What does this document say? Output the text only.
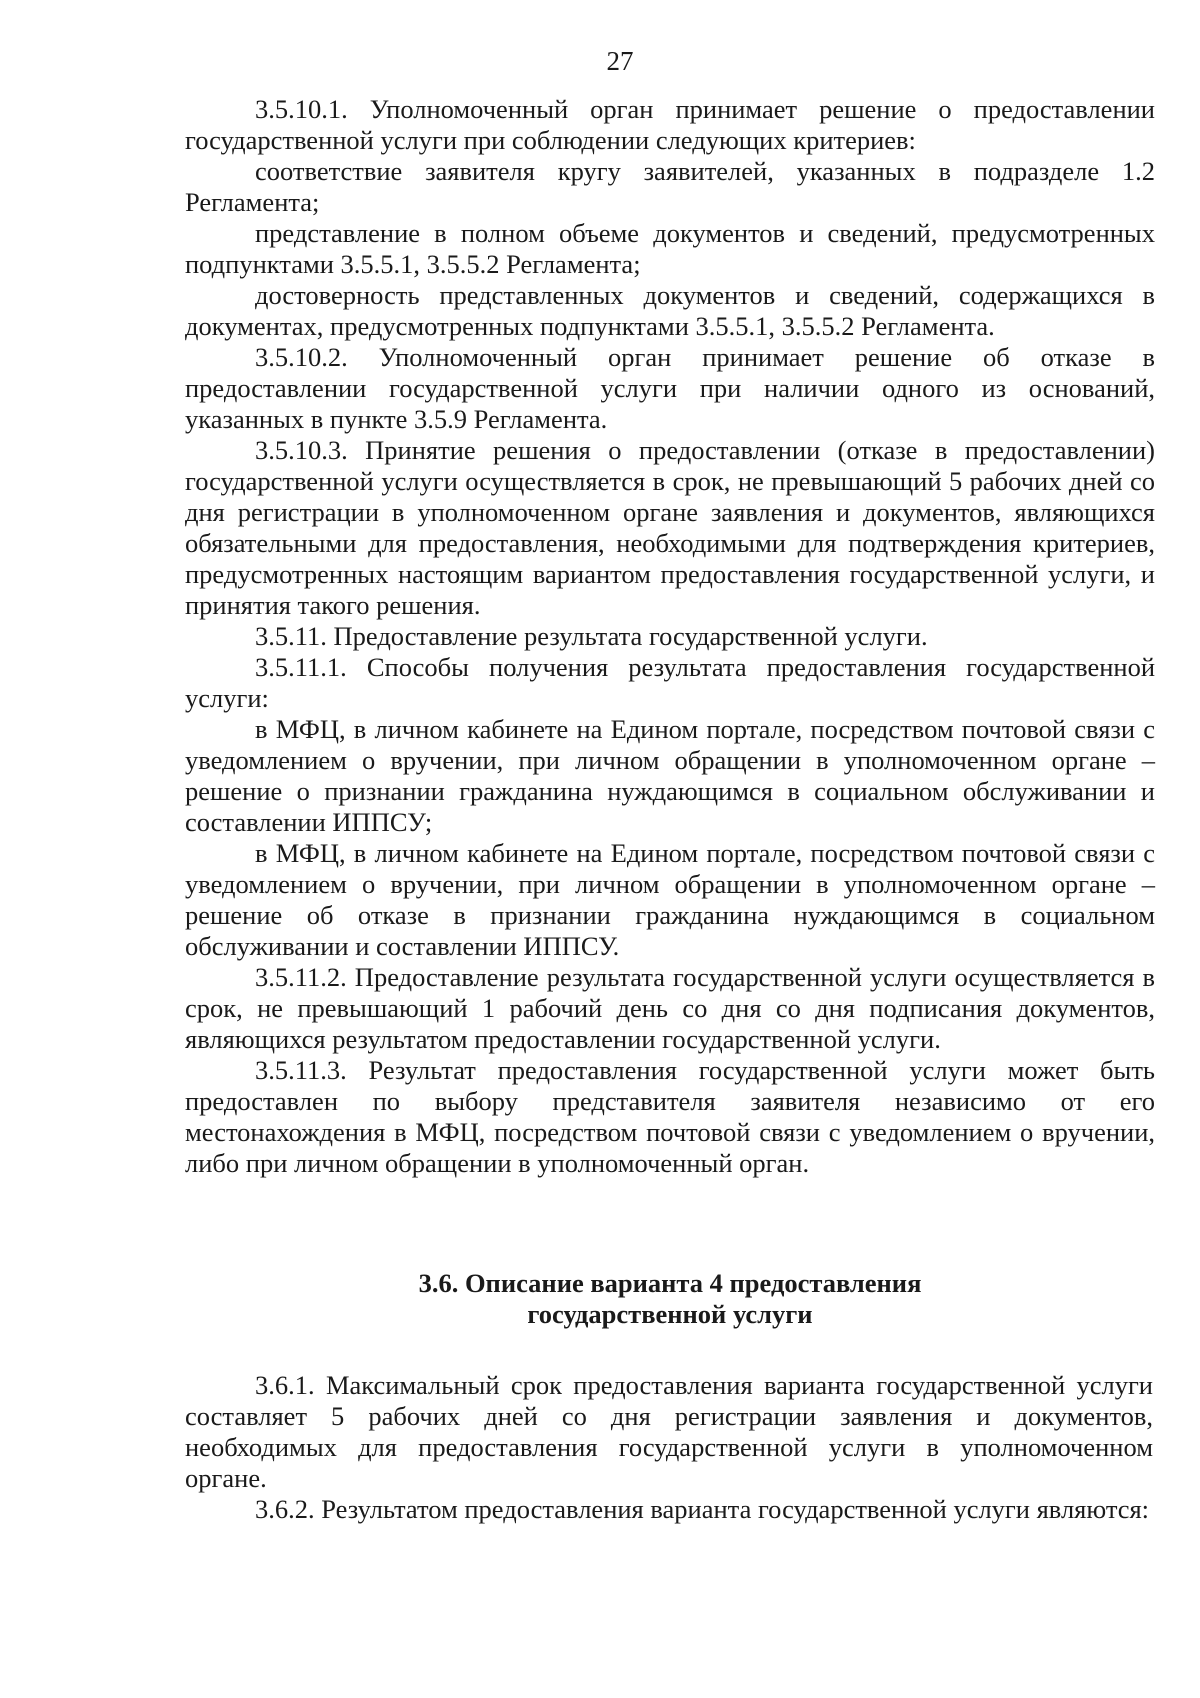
27

3.5.10.1. Уполномоченный орган принимает решение о предоставлении государственной услуги при соблюдении следующих критериев:

соответствие заявителя кругу заявителей, указанных в подразделе 1.2 Регламента;

представление в полном объеме документов и сведений, предусмотренных подпунктами 3.5.5.1, 3.5.5.2 Регламента;

достоверность представленных документов и сведений, содержащихся в документах, предусмотренных подпунктами 3.5.5.1, 3.5.5.2 Регламента.

3.5.10.2. Уполномоченный орган принимает решение об отказе в предоставлении государственной услуги при наличии одного из оснований, указанных в пункте 3.5.9 Регламента.

3.5.10.3. Принятие решения о предоставлении (отказе в предоставлении) государственной услуги осуществляется в срок, не превышающий 5 рабочих дней со дня регистрации в уполномоченном органе заявления и документов, являющихся обязательными для предоставления, необходимыми для подтверждения критериев, предусмотренных настоящим вариантом предоставления государственной услуги, и принятия такого решения.

3.5.11. Предоставление результата государственной услуги.

3.5.11.1. Способы получения результата предоставления государственной услуги:

в МФЦ, в личном кабинете на Едином портале, посредством почтовой связи с уведомлением о вручении, при личном обращении в уполномоченном органе – решение о признании гражданина нуждающимся в социальном обслуживании и составлении ИППСУ;

в МФЦ, в личном кабинете на Едином портале, посредством почтовой связи с уведомлением о вручении, при личном обращении в уполномоченном органе – решение об отказе в признании гражданина нуждающимся в социальном обслуживании и составлении ИППСУ.

3.5.11.2. Предоставление результата государственной услуги осуществляется в срок, не превышающий 1 рабочий день со дня со дня подписания документов, являющихся результатом предоставлении государственной услуги.

3.5.11.3. Результат предоставления государственной услуги может быть предоставлен по выбору представителя заявителя независимо от его местонахождения в МФЦ, посредством почтовой связи с уведомлением о вручении, либо при личном обращении в уполномоченный орган.

3.6. Описание варианта 4 предоставления
государственной услуги

3.6.1. Максимальный срок предоставления варианта государственной услуги составляет 5 рабочих дней со дня регистрации заявления и документов, необходимых для предоставления государственной услуги в уполномоченном органе.

3.6.2. Результатом предоставления варианта государственной услуги являются:
